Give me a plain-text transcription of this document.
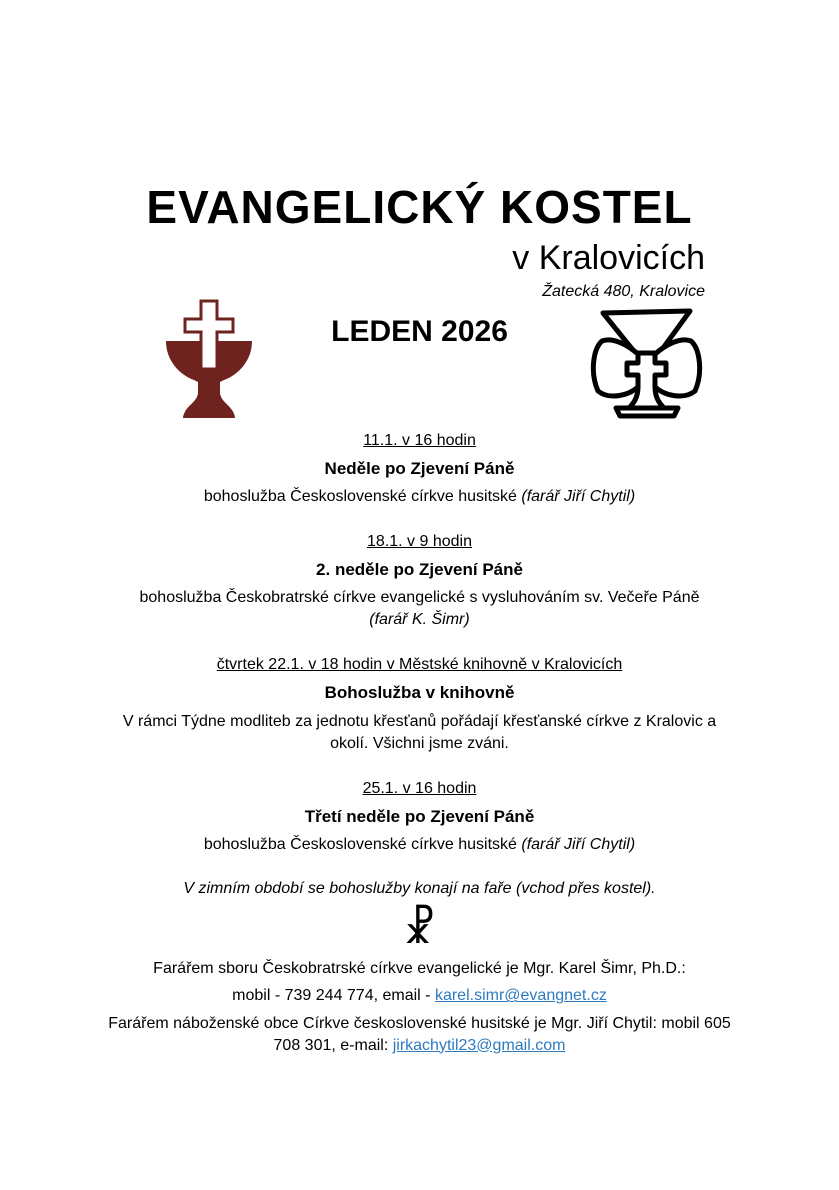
EVANGELICKÝ KOSTEL
v Kralovicích
Žatecká 480, Kralovice
LEDEN 2026
11.1. v 16 hodin
Neděle po Zjevení Páně
bohoslužba Československé církve husitské (farář Jiří Chytil)
18.1. v 9 hodin
2. neděle po Zjevení Páně
bohoslužba Českobratrské církve evangelické s vysluhováním sv. Večeře Páně
(farář K. Šimr)
čtvrtek 22.1. v 18 hodin v Městské knihovně v Kralovicích
Bohoslužba v knihovně
V rámci Týdne modliteb za jednotu křesťanů pořádají křesťanské církve z Kralovic a okolí. Všichni jsme zváni.
25.1. v 16 hodin
Třetí neděle po Zjevení Páně
bohoslužba Československé církve husitské (farář Jiří Chytil)
V zimním období se bohoslužby konají na faře (vchod přes kostel).
☧
Farářem sboru Českobratrské církve evangelické je Mgr. Karel Šimr, Ph.D.:
mobil - 739 244 774, email - karel.simr@evangnet.cz
Farářem náboženské obce Církve československé husitské je Mgr. Jiří Chytil: mobil 605 708 301, e-mail: jirkachytil23@gmail.com
